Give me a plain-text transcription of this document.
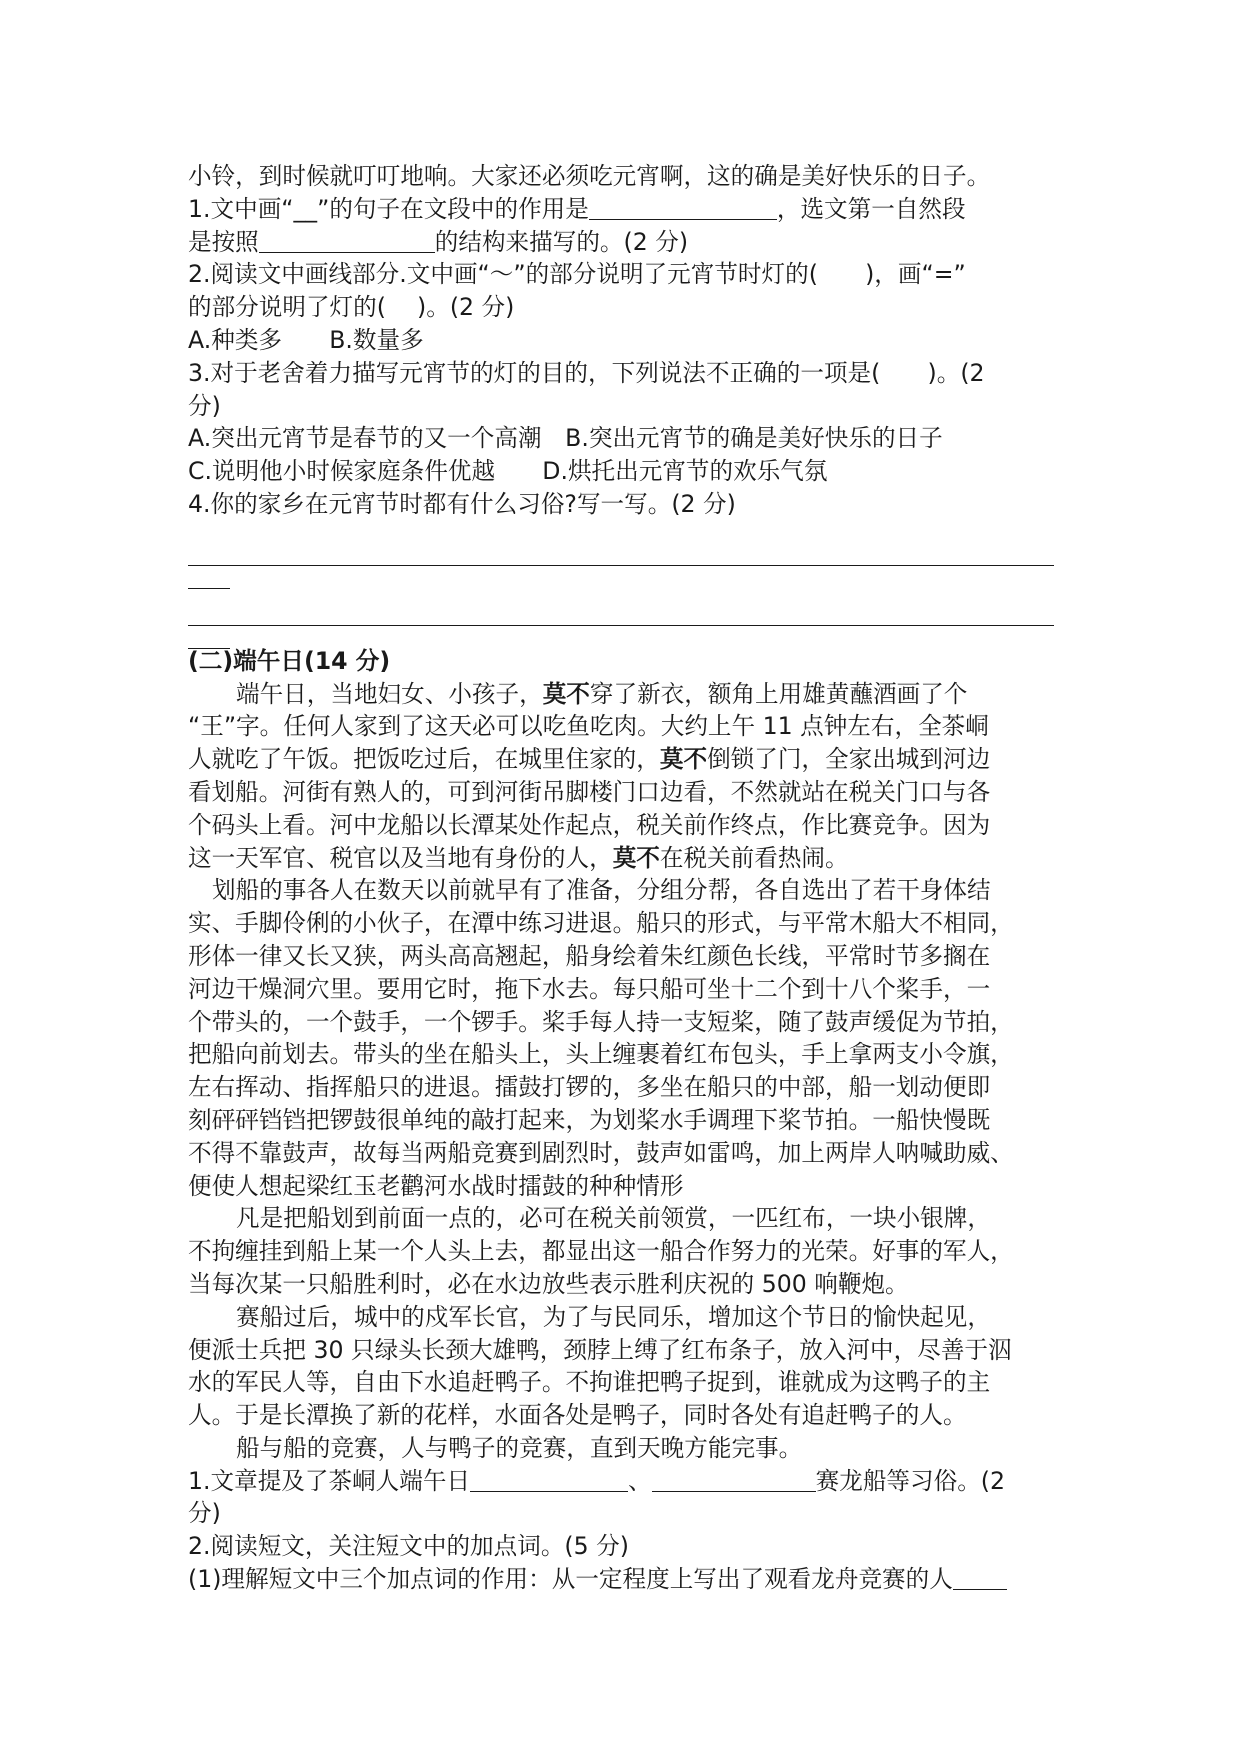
小铃，到时候就叮叮地响。大家还必须吃元宵啊，这的确是美好快乐的日子。
1.文中画“__”的句子在文段中的作用是	，选文第一自然段
是按照	的结构来描写的。(2 分)
2.阅读文中画线部分.文中画“～”的部分说明了元宵节时灯的(　　)，画“=”
的部分说明了灯的(　 )。(2 分)
A.种类多　　B.数量多
3.对于老舍着力描写元宵节的灯的目的，下列说法不正确的一项是(　　)。(2
分)
A.突出元宵节是春节的又一个高潮　B.突出元宵节的确是美好快乐的日子
C.说明他小时候家庭条件优越　　D.烘托出元宵节的欢乐气氛
4.你的家乡在元宵节时都有什么习俗?写一写。(2 分)
(二)端午日(14 分)
端午日，当地妇女、小孩子，莫不穿了新衣，额角上用雄黄蘸酒画了个
“王”字。任何人家到了这天必可以吃鱼吃肉。大约上午 11 点钟左右，全茶峒
人就吃了午饭。把饭吃过后，在城里住家的，莫不倒锁了门，全家出城到河边
看划船。河街有熟人的，可到河街吊脚楼门口边看，不然就站在税关门口与各
个码头上看。河中龙船以长潭某处作起点，税关前作终点，作比赛竞争。因为
这一天军官、税官以及当地有身份的人，莫不在税关前看热闹。
划船的事各人在数天以前就早有了准备，分组分帮，各自选出了若干身体结
实、手脚伶俐的小伙子，在潭中练习进退。船只的形式，与平常木船大不相同，
形体一律又长又狭，两头高高翘起，船身绘着朱红颜色长线，平常时节多搁在
河边干燥洞穴里。要用它时，拖下水去。每只船可坐十二个到十八个桨手，一
个带头的，一个鼓手，一个锣手。桨手每人持一支短桨，随了鼓声缓促为节拍，
把船向前划去。带头的坐在船头上，头上缠裹着红布包头，手上拿两支小令旗，
左右挥动、指挥船只的进退。擂鼓打锣的，多坐在船只的中部，船一划动便即
刻砰砰铛铛把锣鼓很单纯的敲打起来，为划桨水手调理下桨节拍。一船快慢既
不得不靠鼓声，故每当两船竞赛到剧烈时，鼓声如雷鸣，加上两岸人呐喊助威、
便使人想起梁红玉老鹳河水战时擂鼓的种种情形
凡是把船划到前面一点的，必可在税关前领赏，一匹红布，一块小银牌，
不拘缠挂到船上某一个人头上去，都显出这一船合作努力的光荣。好事的军人，
当每次某一只船胜利时，必在水边放些表示胜利庆祝的 500 响鞭炮。
赛船过后，城中的戍军长官，为了与民同乐，增加这个节日的愉快起见，
便派士兵把 30 只绿头长颈大雄鸭，颈脖上缚了红布条子，放入河中，尽善于泅
水的军民人等，自由下水追赶鸭子。不拘谁把鸭子捉到，谁就成为这鸭子的主
人。于是长潭换了新的花样，水面各处是鸭子，同时各处有追赶鸭子的人。
船与船的竞赛，人与鸭子的竞赛，直到天晚方能完事。
1.文章提及了茶峒人端午日	、	赛龙船等习俗。(2
分)
2.阅读短文，关注短文中的加点词。(5 分)
(1)理解短文中三个加点词的作用：从一定程度上写出了观看龙舟竞赛的人
